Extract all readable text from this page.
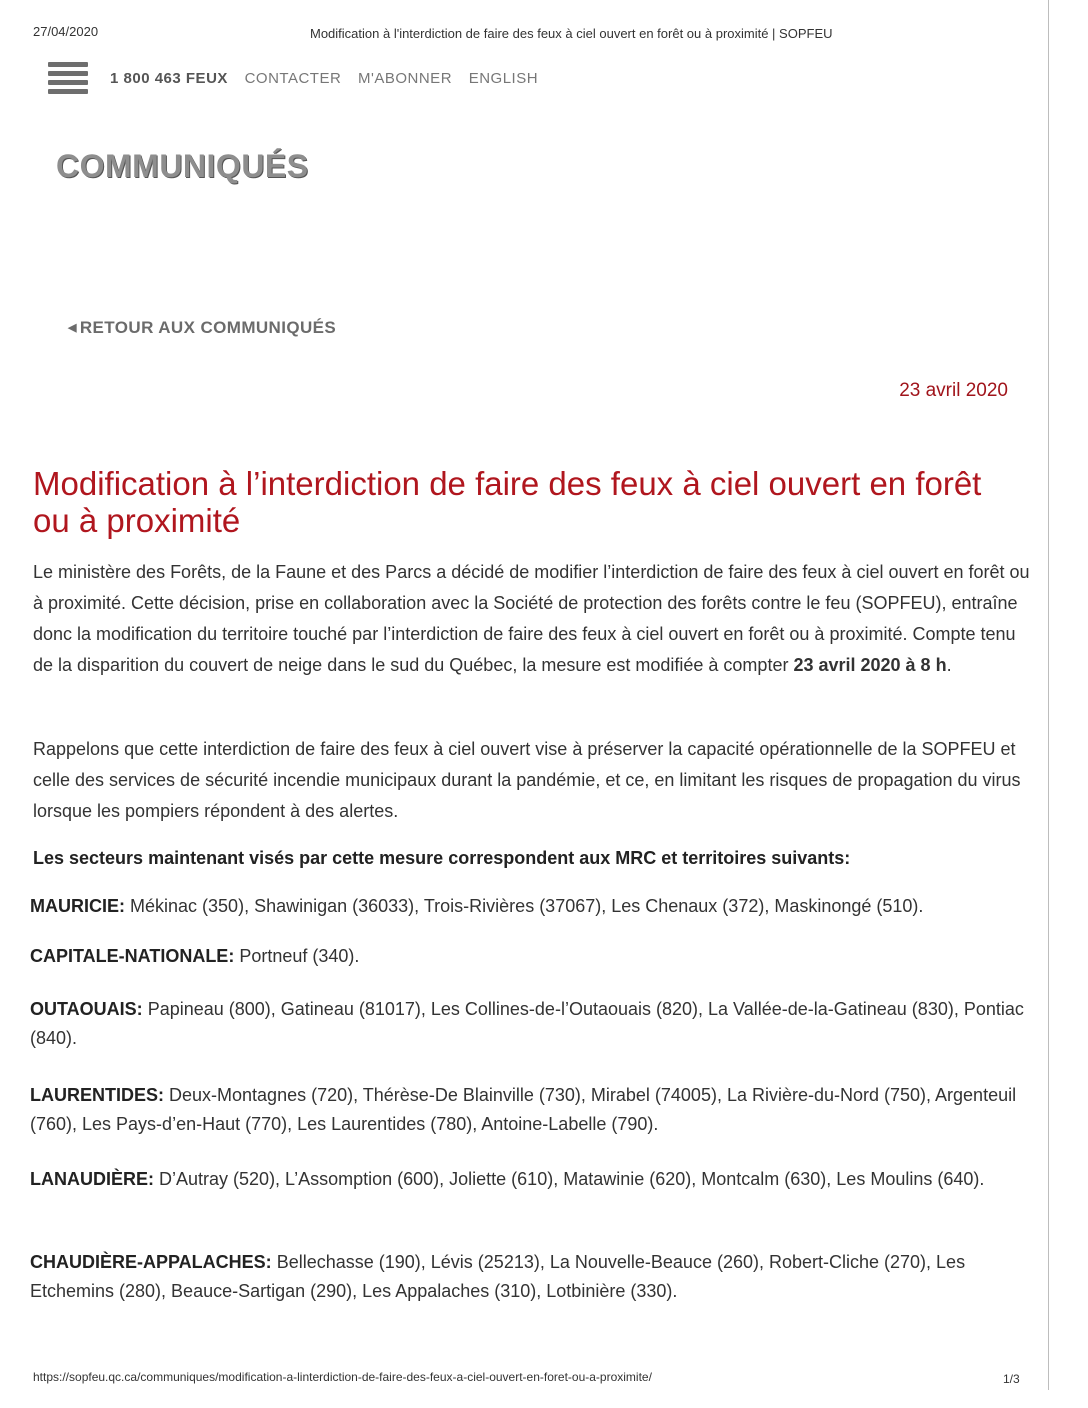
27/04/2020	Modification à l'interdiction de faire des feux à ciel ouvert en forêt ou à proximité | SOPFEU
1 800 463 FEUX CONTACTER M'ABONNER ENGLISH
COMMUNIQUÉS
◀ RETOUR AUX COMMUNIQUÉS
23 avril 2020
Modification à l’interdiction de faire des feux à ciel ouvert en forêt ou à proximité

Le ministère des Forêts, de la Faune et des Parcs a décidé de modifier l’interdiction de faire des feux à ciel ouvert en forêt ou à proximité. Cette décision, prise en collaboration avec la Société de protection des forêts contre le feu (SOPFEU), entraîne donc la modification du territoire touché par l’interdiction de faire des feux à ciel ouvert en forêt ou à proximité. Compte tenu de la disparition du couvert de neige dans le sud du Québec, la mesure est modifiée à compter 23 avril 2020 à 8 h.

Rappelons que cette interdiction de faire des feux à ciel ouvert vise à préserver la capacité opérationnelle de la SOPFEU et celle des services de sécurité incendie municipaux durant la pandémie, et ce, en limitant les risques de propagation du virus lorsque les pompiers répondent à des alertes.

Les secteurs maintenant visés par cette mesure correspondent aux MRC et territoires suivants:

MAURICIE: Mékinac (350), Shawinigan (36033), Trois-Rivières (37067), Les Chenaux (372), Maskinongé (510).

CAPITALE-NATIONALE: Portneuf (340).

OUTAOUAIS: Papineau (800), Gatineau (81017), Les Collines-de-l’Outaouais (820), La Vallée-de-la-Gatineau (830), Pontiac (840).

LAURENTIDES: Deux-Montagnes (720), Thérèse-De Blainville (730), Mirabel (74005), La Rivière-du-Nord (750), Argenteuil (760), Les Pays-d’en-Haut (770), Les Laurentides (780), Antoine-Labelle (790).

LANAUDIÈRE: D’Autray (520), L’Assomption (600), Joliette (610), Matawinie (620), Montcalm (630), Les Moulins (640).

CHAUDIÈRE-APPALACHES: Bellechasse (190), Lévis (25213), La Nouvelle-Beauce (260), Robert-Cliche (270), Les Etchemins (280), Beauce-Sartigan (290), Les Appalaches (310), Lotbinière (330).

https://sopfeu.qc.ca/communiques/modification-a-linterdiction-de-faire-des-feux-a-ciel-ouvert-en-foret-ou-a-proximite/	1/3
